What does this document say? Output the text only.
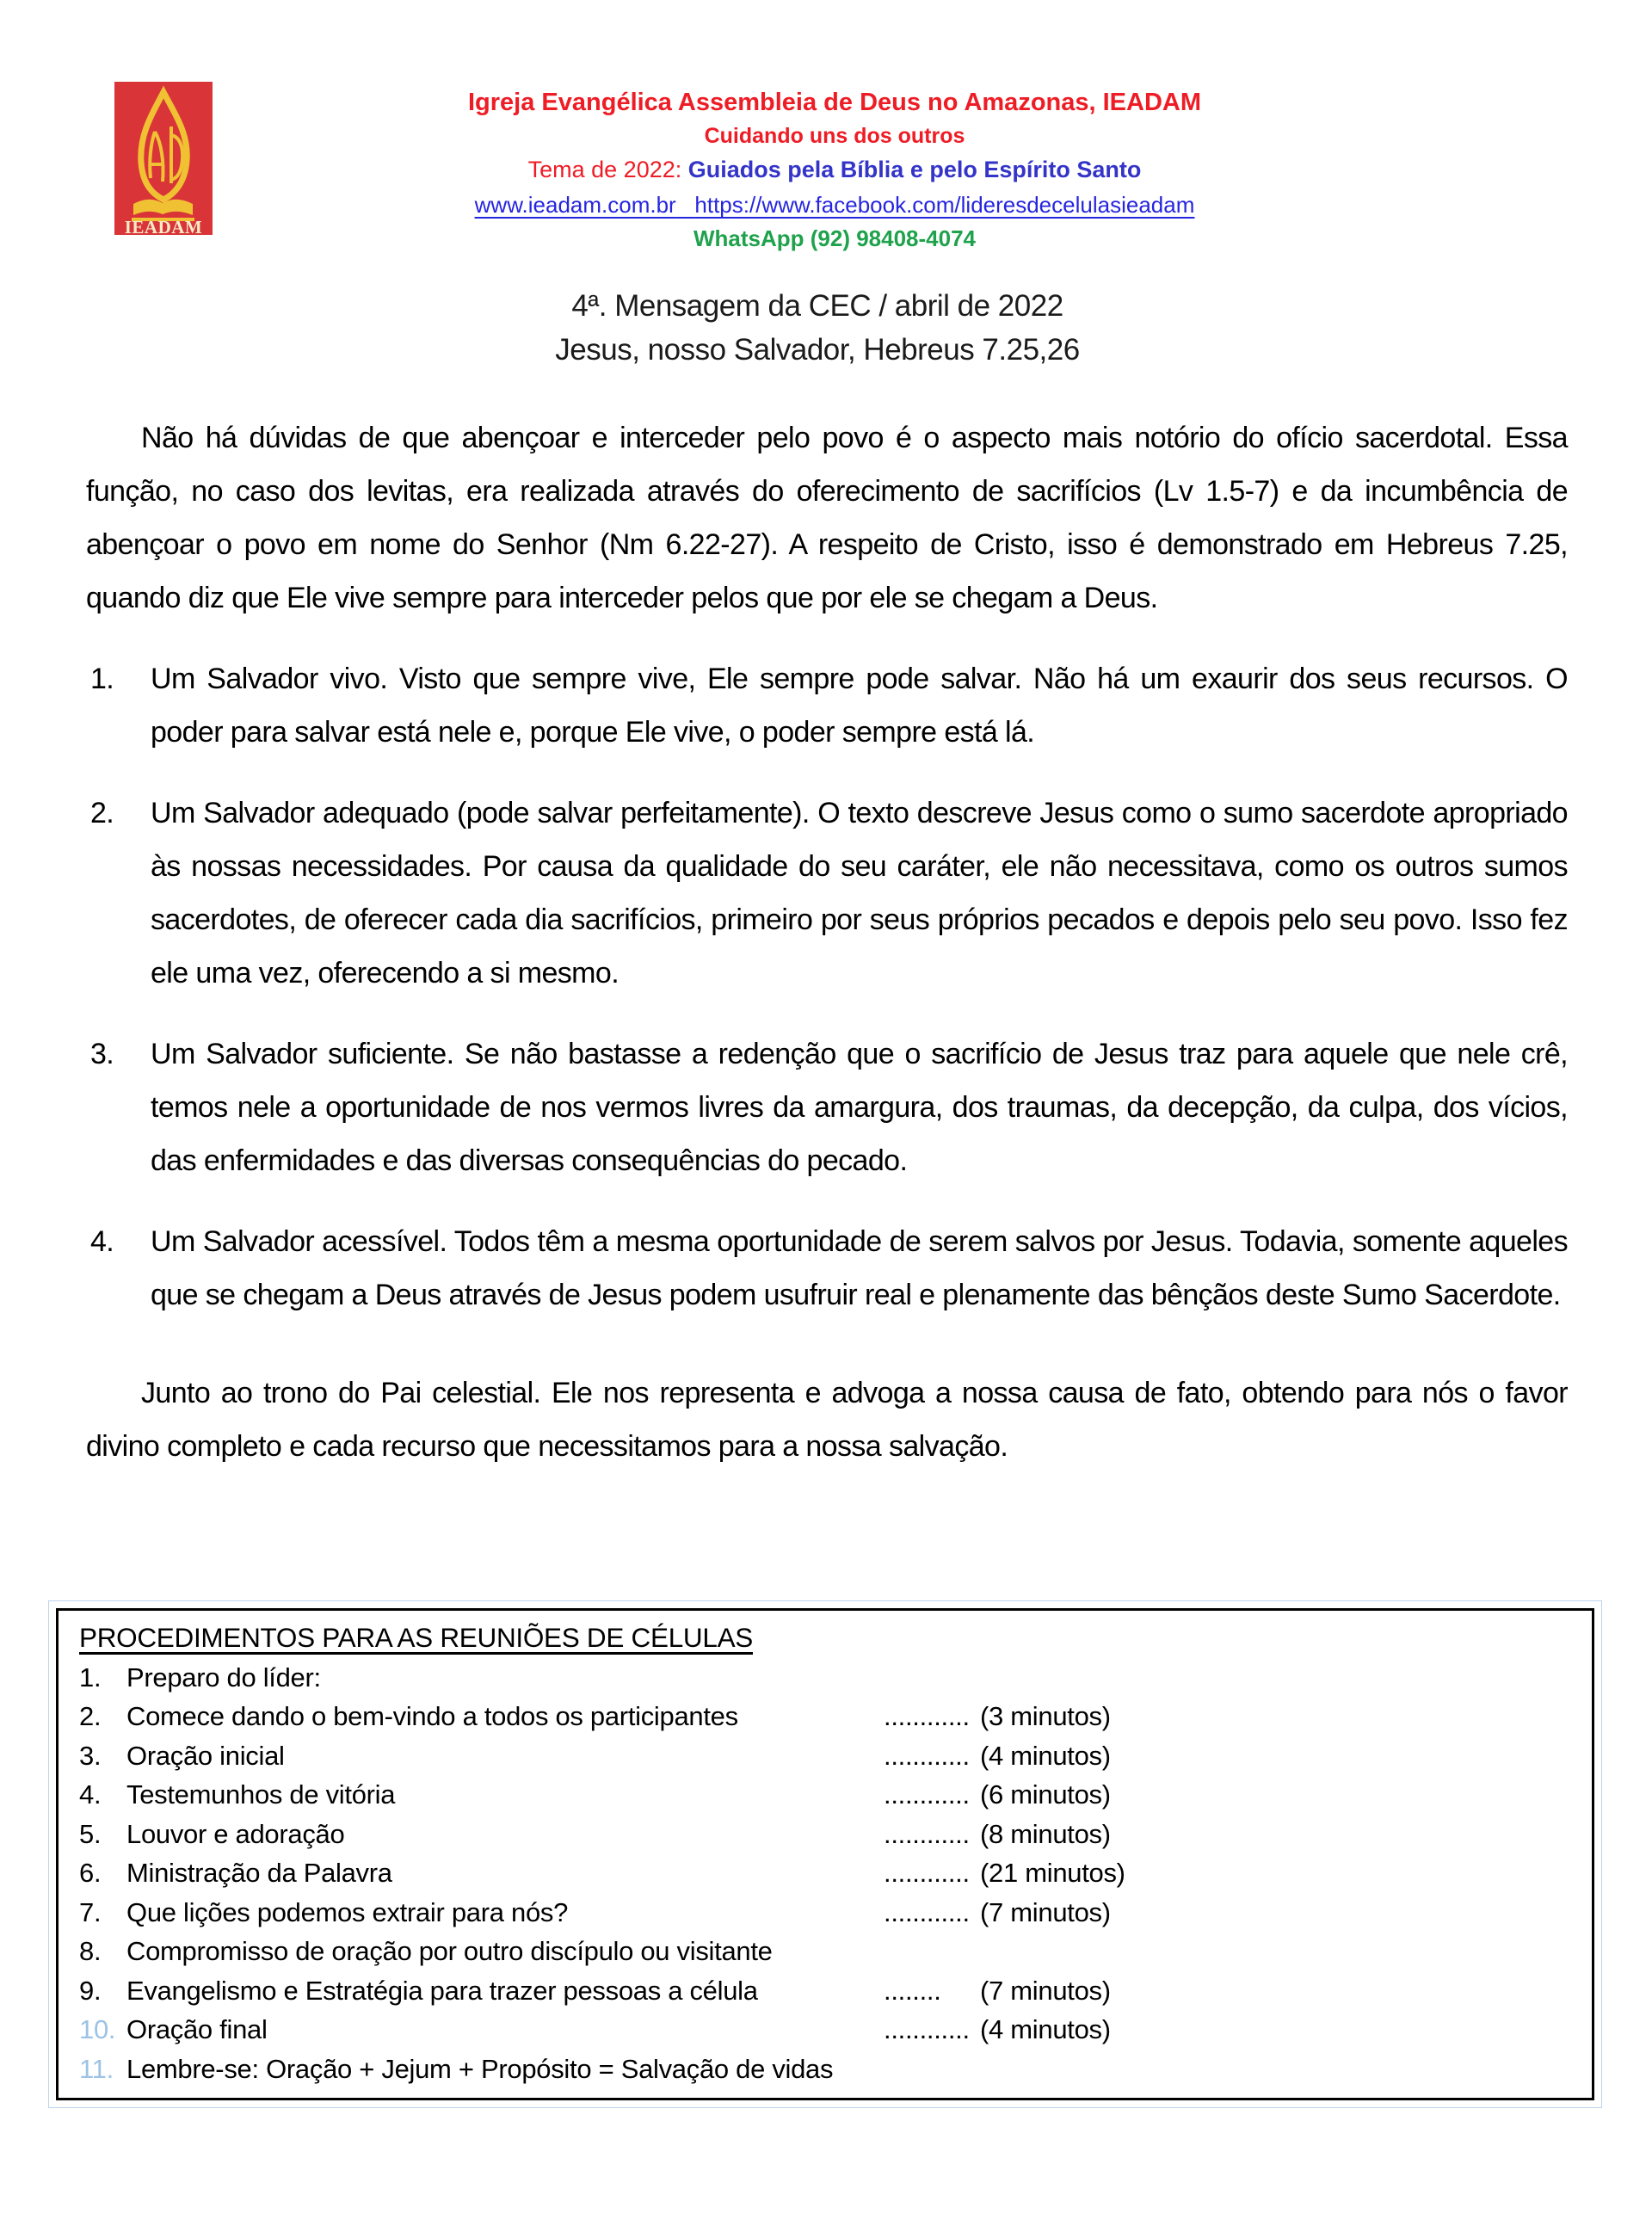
IEADAM
Igreja Evangélica Assembleia de Deus no Amazonas, IEADAM
Cuidando uns dos outros
Tema de 2022: Guiados pela Bíblia e pelo Espírito Santo
www.ieadam.com.br https://www.facebook.com/lideresdecelulasieadam
WhatsApp (92) 98408-4074
4ª. Mensagem da CEC / abril de 2022
Jesus, nosso Salvador, Hebreus 7.25,26

Não há dúvidas de que abençoar e interceder pelo povo é o aspecto mais notório do ofício sacerdotal. Essa função, no caso dos levitas, era realizada através do oferecimento de sacrifícios (Lv 1.5-7) e da incumbência de abençoar o povo em nome do Senhor (Nm 6.22-27). A respeito de Cristo, isso é demonstrado em Hebreus 7.25, quando diz que Ele vive sempre para interceder pelos que por ele se chegam a Deus.

1. Um Salvador vivo. Visto que sempre vive, Ele sempre pode salvar. Não há um exaurir dos seus recursos. O poder para salvar está nele e, porque Ele vive, o poder sempre está lá.
2. Um Salvador adequado (pode salvar perfeitamente). O texto descreve Jesus como o sumo sacerdote apropriado às nossas necessidades. Por causa da qualidade do seu caráter, ele não necessitava, como os outros sumos sacerdotes, de oferecer cada dia sacrifícios, primeiro por seus próprios pecados e depois pelo seu povo. Isso fez ele uma vez, oferecendo a si mesmo.
3. Um Salvador suficiente. Se não bastasse a redenção que o sacrifício de Jesus traz para aquele que nele crê, temos nele a oportunidade de nos vermos livres da amargura, dos traumas, da decepção, da culpa, dos vícios, das enfermidades e das diversas consequências do pecado.
4. Um Salvador acessível. Todos têm a mesma oportunidade de serem salvos por Jesus. Todavia, somente aqueles que se chegam a Deus através de Jesus podem usufruir real e plenamente das bênçãos deste Sumo Sacerdote.

Junto ao trono do Pai celestial. Ele nos representa e advoga a nossa causa de fato, obtendo para nós o favor divino completo e cada recurso que necessitamos para a nossa salvação.

PROCEDIMENTOS PARA AS REUNIÕES DE CÉLULAS
1. Preparo do líder:
2. Comece dando o bem-vindo a todos os participantes	............ (3 minutos)
3. Oração inicial	............ (4 minutos)
4. Testemunhos de vitória	............ (6 minutos)
5. Louvor e adoração	............ (8 minutos)
6. Ministração da Palavra	............ (21 minutos)
7. Que lições podemos extrair para nós?	............ (7 minutos)
8. Compromisso de oração por outro discípulo ou visitante
9. Evangelismo e Estratégia para trazer pessoas a célula	........	(7 minutos)
10. Oração final	............ (4 minutos)
11. Lembre-se: Oração + Jejum + Propósito = Salvação de vidas
